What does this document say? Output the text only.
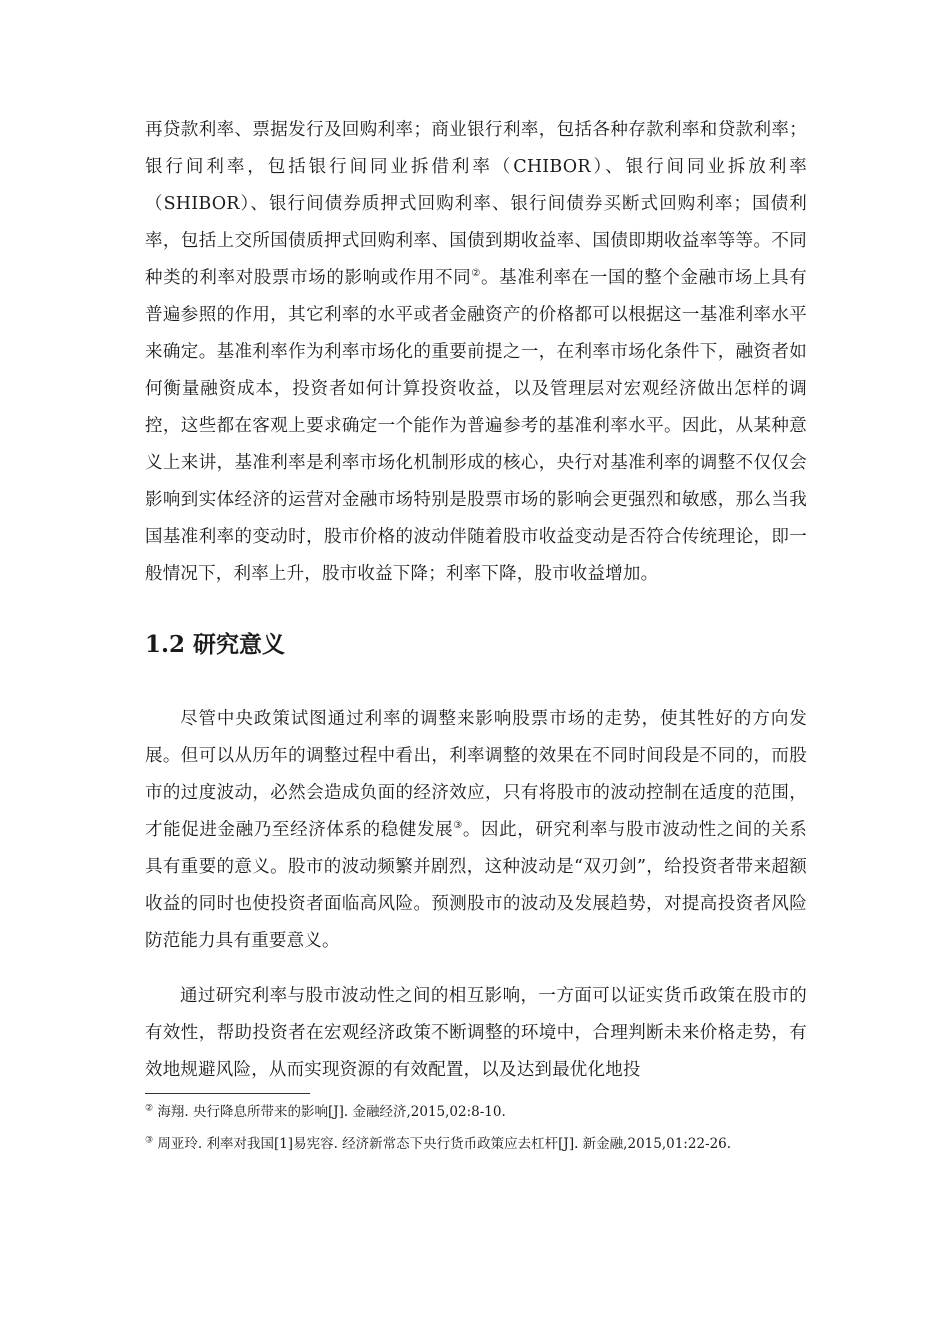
再贷款利率、票据发行及回购利率；商业银行利率，包括各种存款利率和贷款利率；银行间利率，包括银行间同业拆借利率（CHIBOR）、银行间同业拆放利率（SHIBOR）、银行间债券质押式回购利率、银行间债券买断式回购利率；国债利率，包括上交所国债质押式回购利率、国债到期收益率、国债即期收益率等等。不同种类的利率对股票市场的影响或作用不同②。基准利率在一国的整个金融市场上具有普遍参照的作用，其它利率的水平或者金融资产的价格都可以根据这一基准利率水平来确定。基准利率作为利率市场化的重要前提之一，在利率市场化条件下，融资者如何衡量融资成本，投资者如何计算投资收益，以及管理层对宏观经济做出怎样的调控，这些都在客观上要求确定一个能作为普遍参考的基准利率水平。因此，从某种意义上来讲，基准利率是利率市场化机制形成的核心，央行对基准利率的调整不仅仅会影响到实体经济的运营对金融市场特别是股票市场的影响会更强烈和敏感，那么当我国基准利率的变动时，股市价格的波动伴随着股市收益变动是否符合传统理论，即一般情况下，利率上升，股市收益下降；利率下降，股市收益增加。

1.2 研究意义

尽管中央政策试图通过利率的调整来影响股票市场的走势，使其牲好的方向发展。但可以从历年的调整过程中看出，利率调整的效果在不同时间段是不同的，而股市的过度波动，必然会造成负面的经济效应，只有将股市的波动控制在适度的范围，才能促进金融乃至经济体系的稳健发展③。因此，研究利率与股市波动性之间的关系具有重要的意义。股市的波动频繁并剧烈，这种波动是“双刃剑”，给投资者带来超额收益的同时也使投资者面临高风险。预测股市的波动及发展趋势，对提高投资者风险防范能力具有重要意义。

通过研究利率与股市波动性之间的相互影响，一方面可以证实货币政策在股市的有效性，帮助投资者在宏观经济政策不断调整的环境中，合理判断未来价格走势，有效地规避风险，从而实现资源的有效配置，以及达到最优化地投

② 海翔. 央行降息所带来的影响[J]. 金融经济,2015,02:8-10.

③ 周亚玲. 利率对我国[1]易宪容. 经济新常态下央行货币政策应去杠杆[J]. 新金融,2015,01:22-26.
